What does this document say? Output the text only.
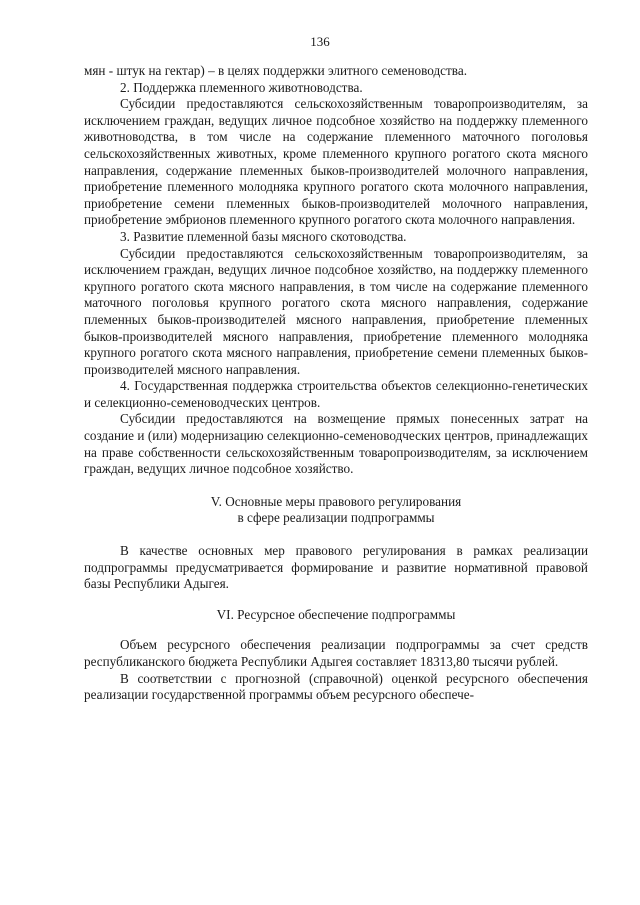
136

мян - штук на гектар) – в целях поддержки элитного семеноводства.

2. Поддержка племенного животноводства.

Субсидии предоставляются сельскохозяйственным товаропроизводителям, за исключением граждан, ведущих личное подсобное хозяйство на поддержку племенного животноводства, в том числе на содержание племенного маточного поголовья сельскохозяйственных животных, кроме племенного крупного рогатого скота мясного направления, содержание племенных быков-производителей молочного направления, приобретение племенного молодняка крупного рогатого скота молочного направления, приобретение семени племенных быков-производителей молочного направления, приобретение эмбрионов племенного крупного рогатого скота молочного направления.

3. Развитие племенной базы мясного скотоводства.

Субсидии предоставляются сельскохозяйственным товаропроизводителям, за исключением граждан, ведущих личное подсобное хозяйство, на поддержку племенного крупного рогатого скота мясного направления, в том числе на содержание племенного маточного поголовья крупного рогатого скота мясного направления, содержание племенных быков-производителей мясного направления, приобретение племенных быков-производителей мясного направления, приобретение племенного молодняка крупного рогатого скота мясного направления, приобретение семени племенных быков-производителей мясного направления.

4. Государственная поддержка строительства объектов селекционно-генетических и селекционно-семеноводческих центров.

Субсидии предоставляются на возмещение прямых понесенных затрат на создание и (или) модернизацию селекционно-семеноводческих центров, принадлежащих на праве собственности сельскохозяйственным товаропроизводителям, за исключением граждан, ведущих личное подсобное хозяйство.

V. Основные меры правового регулирования

в сфере реализации подпрограммы

В качестве основных мер правового регулирования в рамках реализации подпрограммы предусматривается формирование и развитие нормативной правовой базы Республики Адыгея.

VI. Ресурсное обеспечение подпрограммы

Объем ресурсного обеспечения реализации подпрограммы за счет средств республиканского бюджета Республики Адыгея составляет 18313,80 тысячи рублей.

В соответствии с прогнозной (справочной) оценкой ресурсного обеспечения реализации государственной программы объем ресурсного обеспече-
